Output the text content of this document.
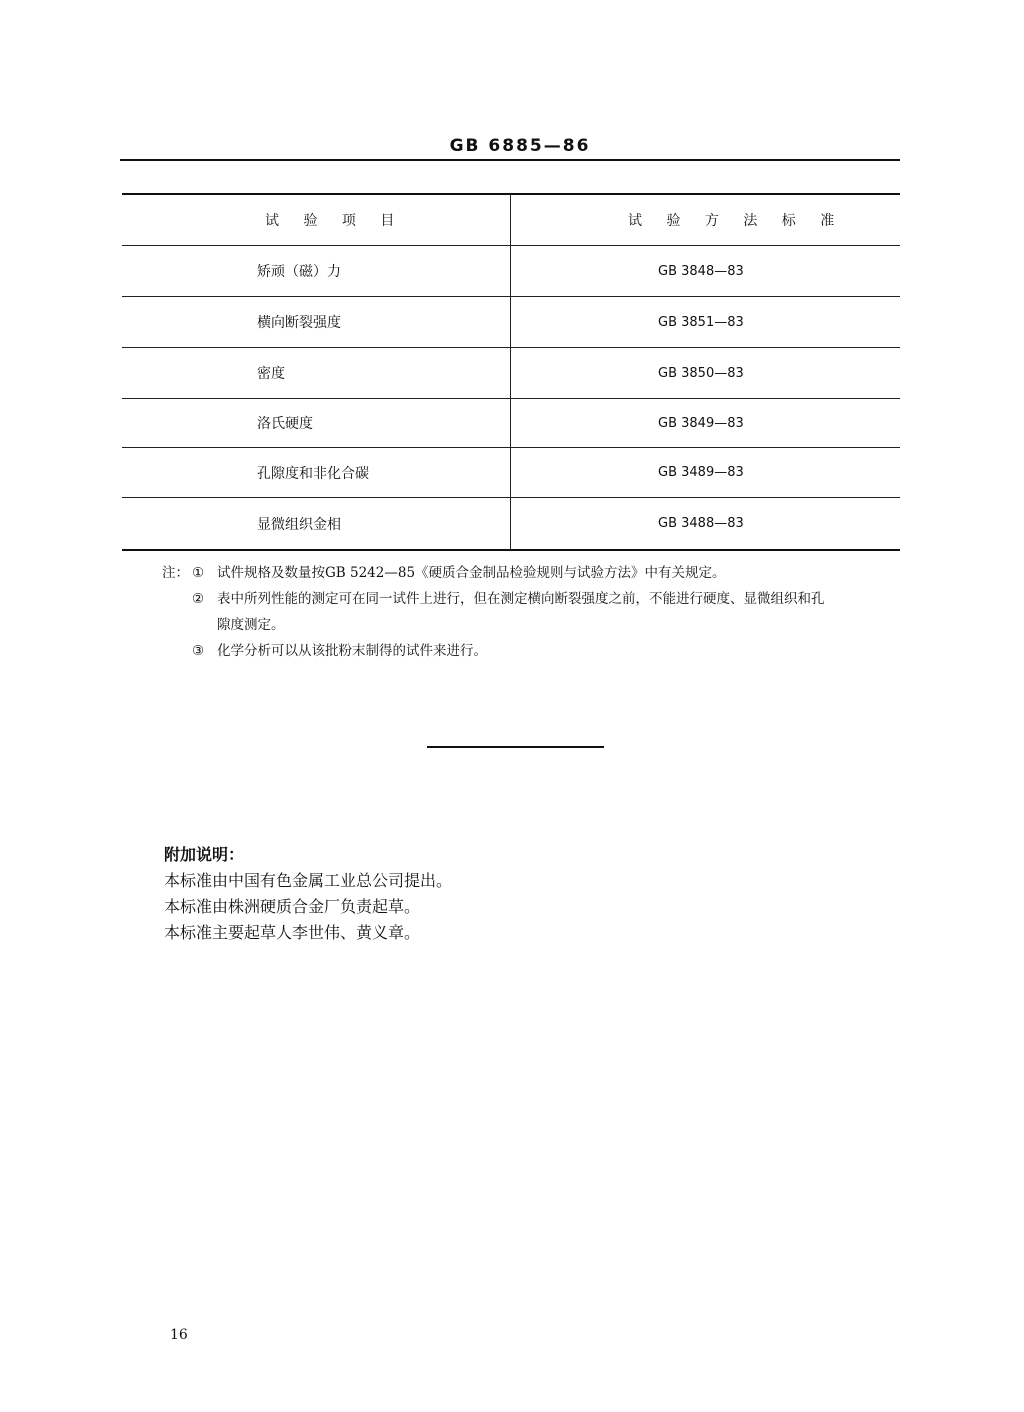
GB 6885—86
试 验 项 目	试 验 方 法 标 准
矫顽（磁）力	GB 3848—83
横向断裂强度	GB 3851—83
密度	GB 3850—83
洛氏硬度	GB 3849—83
孔隙度和非化合碳	GB 3489—83
显微组织金相	GB 3488—83
注： ① 试件规格及数量按GB 5242—85《硬质合金制品检验规则与试验方法》中有关规定。
② 表中所列性能的测定可在同一试件上进行，但在测定横向断裂强度之前，不能进行硬度、显微组织和孔
隙度测定。
③ 化学分析可以从该批粉末制得的试件来进行。
附加说明：
本标准由中国有色金属工业总公司提出。
本标准由株洲硬质合金厂负责起草。
本标准主要起草人李世伟、黄义章。
16
